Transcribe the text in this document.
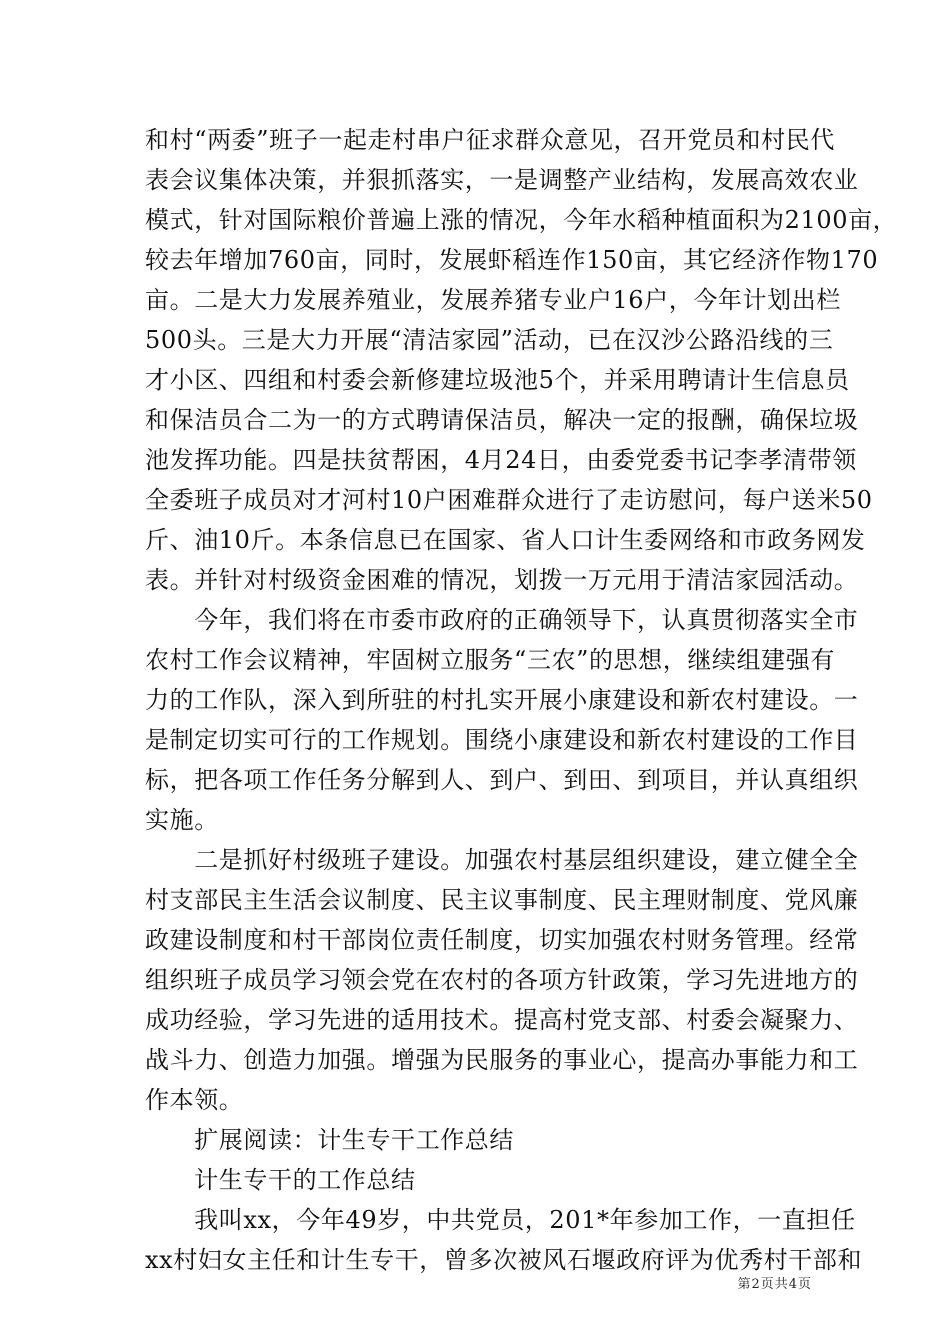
和村“两委”班子一起走村串户征求群众意见，召开党员和村民代
表会议集体决策，并狠抓落实，一是调整产业结构，发展高效农业
模式，针对国际粮价普遍上涨的情况，今年水稻种植面积为2100亩，
较去年增加760亩，同时，发展虾稻连作150亩，其它经济作物170
亩。二是大力发展养殖业，发展养猪专业户16户，今年计划出栏
500头。三是大力开展“清洁家园”活动，已在汉沙公路沿线的三
才小区、四组和村委会新修建垃圾池5个，并采用聘请计生信息员
和保洁员合二为一的方式聘请保洁员，解决一定的报酬，确保垃圾
池发挥功能。四是扶贫帮困，4月24日，由委党委书记李孝清带领
全委班子成员对才河村10户困难群众进行了走访慰问，每户送米50
斤、油10斤。本条信息已在国家、省人口计生委网络和市政务网发
表。并针对村级资金困难的情况，划拨一万元用于清洁家园活动。
　　今年，我们将在市委市政府的正确领导下，认真贯彻落实全市
农村工作会议精神，牢固树立服务“三农”的思想，继续组建强有
力的工作队，深入到所驻的村扎实开展小康建设和新农村建设。一
是制定切实可行的工作规划。围绕小康建设和新农村建设的工作目
标，把各项工作任务分解到人、到户、到田、到项目，并认真组织
实施。
　　二是抓好村级班子建设。加强农村基层组织建设，建立健全全
村支部民主生活会议制度、民主议事制度、民主理财制度、党风廉
政建设制度和村干部岗位责任制度，切实加强农村财务管理。经常
组织班子成员学习领会党在农村的各项方针政策，学习先进地方的
成功经验，学习先进的适用技术。提高村党支部、村委会凝聚力、
战斗力、创造力加强。增强为民服务的事业心，提高办事能力和工
作本领。
　　扩展阅读：计生专干工作总结
　　计生专干的工作总结
　　我叫xx，今年49岁，中共党员，201*年参加工作，一直担任
xx村妇女主任和计生专干，曾多次被风石堰政府评为优秀村干部和
第2页共4页
